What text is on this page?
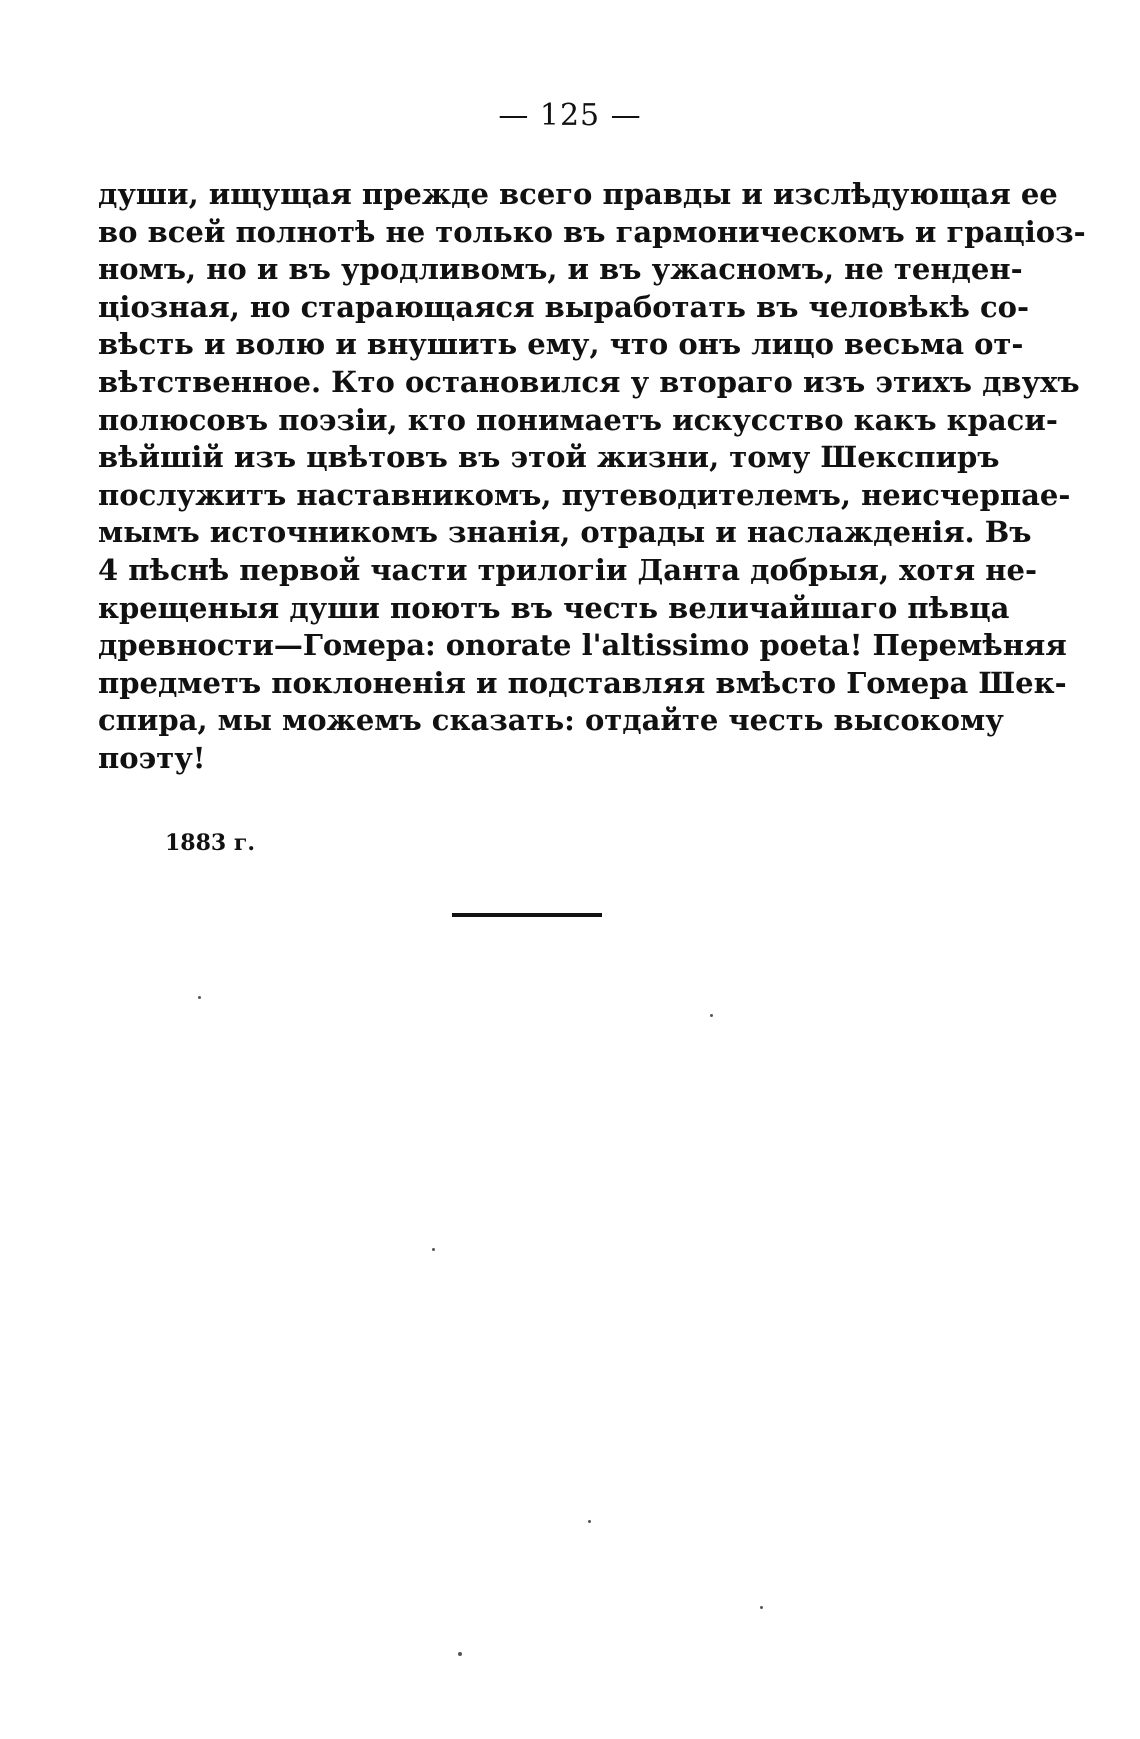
— 125 —
души, ищущая прежде всего правды и изслѣдующая ее
во всей полнотѣ не только въ гармоническомъ и граціоз-
номъ, но и въ уродливомъ, и въ ужасномъ, не тенден-
ціозная, но старающаяся выработать въ человѣкѣ со-
вѣсть и волю и внушить ему, что онъ лицо весьма от-
вѣтственное. Кто остановился у втораго изъ этихъ двухъ
полюсовъ поэзіи, кто понимаетъ искусство какъ краси-
вѣйшій изъ цвѣтовъ въ этой жизни, тому Шекспиръ
послужитъ наставникомъ, путеводителемъ, неисчерпае-
мымъ источникомъ знанія, отрады и наслажденія. Въ
4 пѣснѣ первой части трилогіи Данта добрыя, хотя не-
крещеныя души поютъ въ честь величайшаго пѣвца
древности—Гомера: onorate l'altissimo poeta! Перемѣняя
предметъ поклоненія и подставляя вмѣсто Гомера Шек-
спира, мы можемъ сказать: отдайте честь высокому
поэту!
1883 г.
